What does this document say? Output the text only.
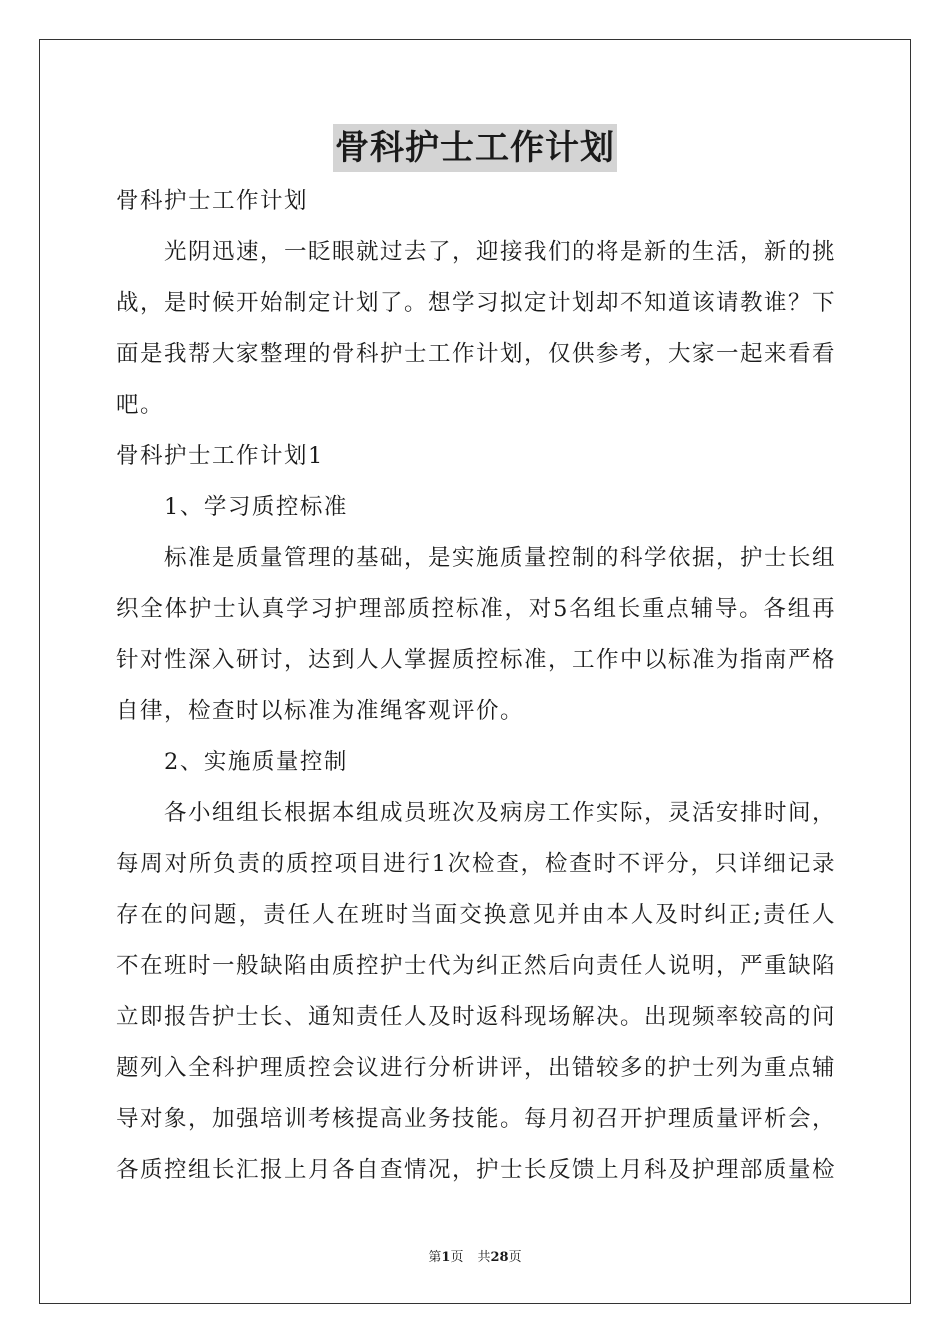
骨科护士工作计划

骨科护士工作计划

光阴迅速，一眨眼就过去了，迎接我们的将是新的生活，新的挑战，是时候开始制定计划了。想学习拟定计划却不知道该请教谁？下面是我帮大家整理的骨科护士工作计划，仅供参考，大家一起来看看吧。

骨科护士工作计划1

1、学习质控标准

标准是质量管理的基础，是实施质量控制的科学依据，护士长组织全体护士认真学习护理部质控标准，对5名组长重点辅导。各组再针对性深入研讨，达到人人掌握质控标准，工作中以标准为指南严格自律，检查时以标准为准绳客观评价。

2、实施质量控制

各小组组长根据本组成员班次及病房工作实际，灵活安排时间，每周对所负责的质控项目进行1次检查，检查时不评分，只详细记录存在的问题，责任人在班时当面交换意见并由本人及时纠正;责任人不在班时一般缺陷由质控护士代为纠正然后向责任人说明，严重缺陷立即报告护士长、通知责任人及时返科现场解决。出现频率较高的问题列入全科护理质控会议进行分析讲评，出错较多的护士列为重点辅导对象，加强培训考核提高业务技能。每月初召开护理质量评析会，各质控组长汇报上月各自查情况，护士长反馈上月科及护理部质量检

第1页 共28页
